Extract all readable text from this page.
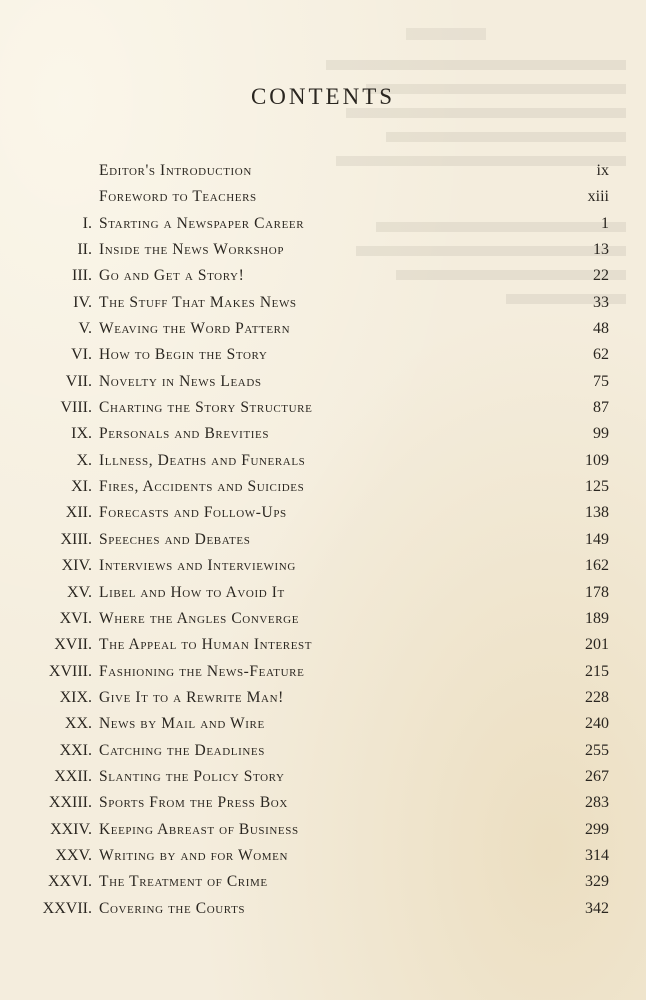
CONTENTS
Editor's Introduction	ix
Foreword to Teachers	xiii
I. Starting a Newspaper Career	1
II. Inside the News Workshop	13
III. Go and Get a Story!	22
IV. The Stuff That Makes News	33
V. Weaving the Word Pattern	48
VI. How to Begin the Story	62
VII. Novelty in News Leads	75
VIII. Charting the Story Structure	87
IX. Personals and Brevities	99
X. Illness, Deaths and Funerals	109
XI. Fires, Accidents and Suicides	125
XII. Forecasts and Follow-Ups	138
XIII. Speeches and Debates	149
XIV. Interviews and Interviewing	162
XV. Libel and How to Avoid It	178
XVI. Where the Angles Converge	189
XVII. The Appeal to Human Interest	201
XVIII. Fashioning the News-Feature	215
XIX. Give It to a Rewrite Man!	228
XX. News by Mail and Wire	240
XXI. Catching the Deadlines	255
XXII. Slanting the Policy Story	267
XXIII. Sports From the Press Box	283
XXIV. Keeping Abreast of Business	299
XXV. Writing by and for Women	314
XXVI. The Treatment of Crime	329
XXVII. Covering the Courts	342
